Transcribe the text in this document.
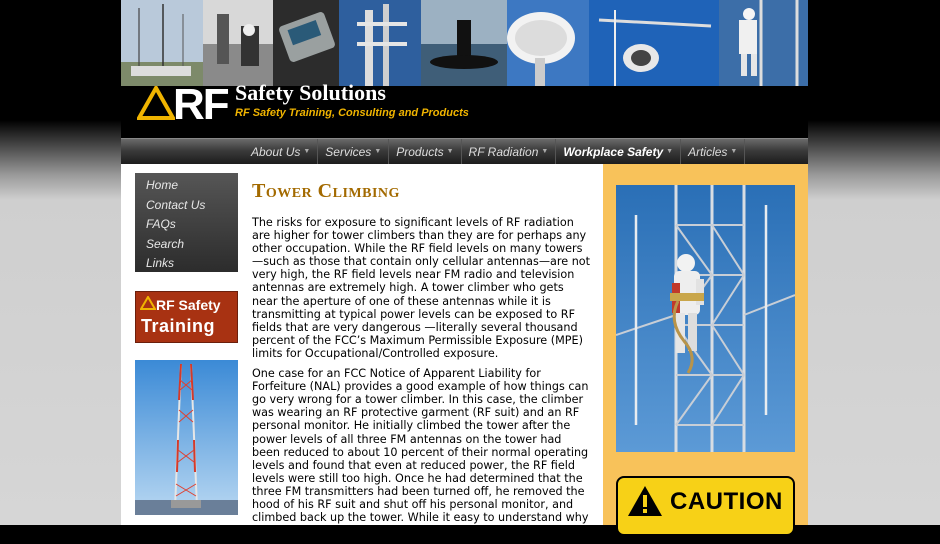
RF Safety Solutions
RF Safety Training, Consulting and Products
About Us ▼ Services ▼ Products ▼ RF Radiation ▼ Workplace Safety ▼ Articles ▼
Home
Contact Us
FAQs
Search
Links
RF Safety
Training
Tower Climbing

The risks for exposure to significant levels of RF radiation are higher for tower climbers than they are for perhaps any other occupation. While the RF field levels on many towers—such as those that contain only cellular antennas—are not very high, the RF field levels near FM radio and television antennas are extremely high. A tower climber who gets near the aperture of one of these antennas while it is transmitting at typical power levels can be exposed to RF fields that are very dangerous —literally several thousand percent of the FCC’s Maximum Permissible Exposure (MPE) limits for Occupational/Controlled exposure.

One case for an FCC Notice of Apparent Liability for Forfeiture (NAL) provides a good example of how things can go very wrong for a tower climber. In this case, the climber was wearing an RF protective garment (RF suit) and an RF personal monitor. He initially climbed the tower after the power levels of all three FM antennas on the tower had been reduced to about 10 percent of their normal operating levels and found that even at reduced power, the RF field levels were still too high. Once he had determined that the three FM transmitters had been turned off, he removed the hood of his RF suit and shut off his personal monitor, and climbed back up the tower. While it easy to understand why the worker would want to remove the hood for

CAUTION
